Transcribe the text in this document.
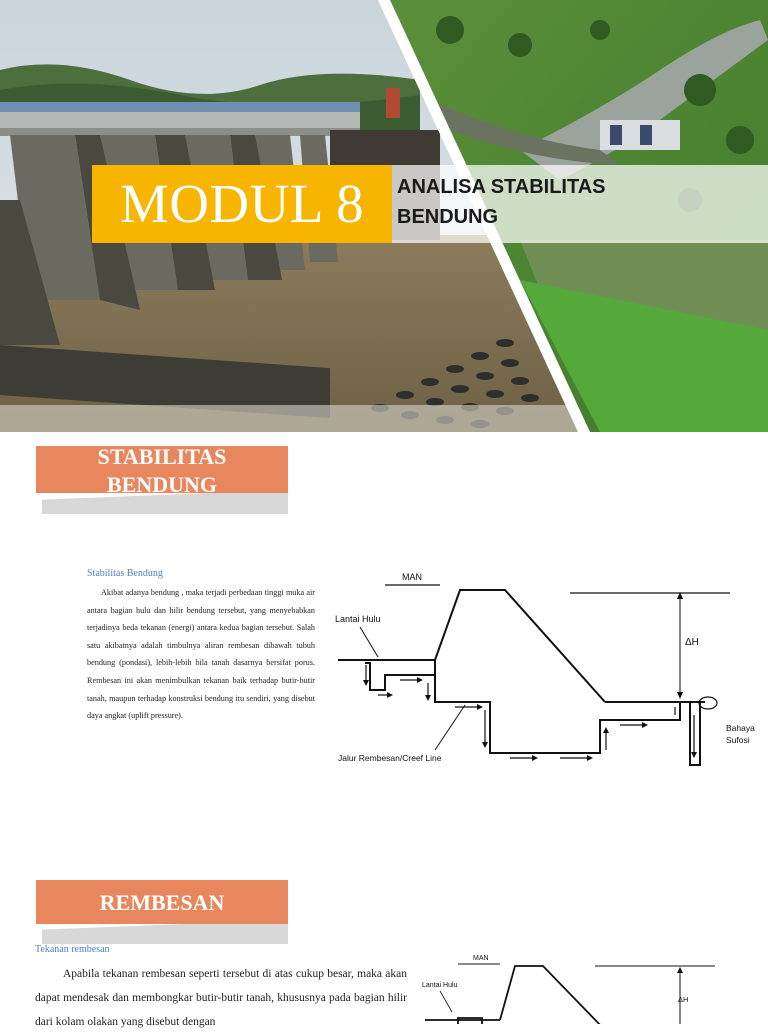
MODUL 8	ANALISA STABILITAS
BENDUNG
STABILITAS
BENDUNG
Stabilitas Bendung
Akibat adanya bendung , maka terjadi perbedaan tinggi muka air antara bagian hulu dan hilir bendung tersebut, yang menyebabkan terjadinya beda tekanan (energi) antara kedua bagian tersebut. Salah satu akibatnya adalah timbulnya aliran rembesan dibawah tubuh bendung (pondasi), lebih-lebih bila tanah dasarnya bersifat porus. Rembesan ini akan menimbulkan tekanan baik terhadap butir-butir tanah, maupun terhadap konstruksi bendung itu sendiri, yang disebut daya angkat (uplift pressure).
MAN
Lantai Hulu
ΔH
Bahaya
Sufosi
Jalur Rembesan/Creef Line
REMBESAN
Tekanan rembesan
Apabila tekanan rembesan seperti tersebut di atas cukup besar, maka akan dapat mendesak dan membongkar butir-butir tanah, khususnya pada bagian hilir dari kolam olakan yang disebut dengan
MAN
Lantai Hulu
ΔH
